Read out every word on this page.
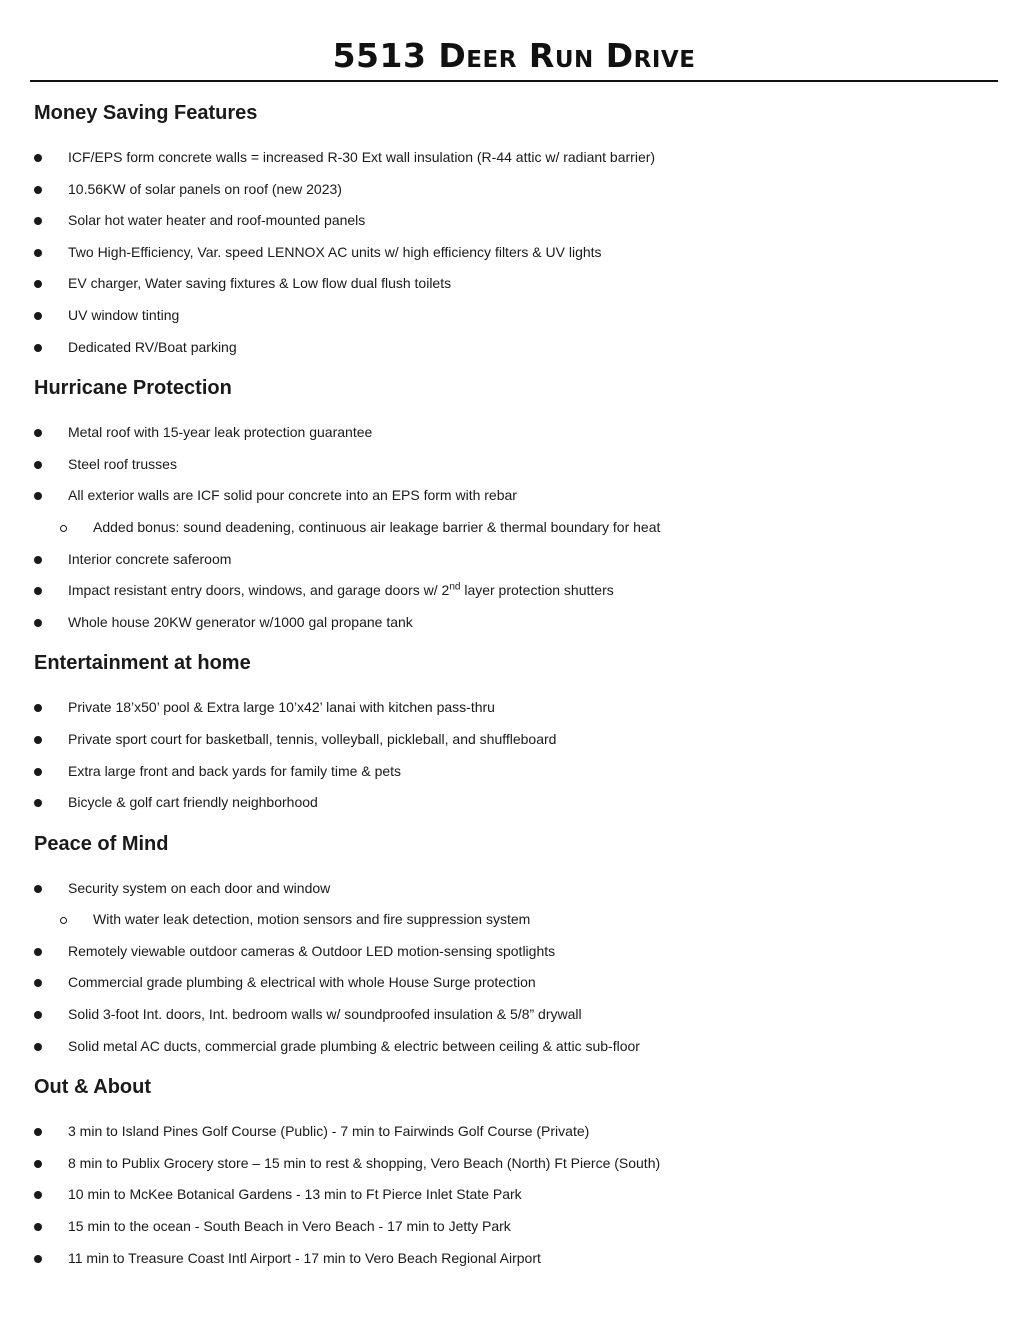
5513 Deer Run Drive
Money Saving Features
ICF/EPS form concrete walls = increased R-30 Ext wall insulation (R-44 attic w/ radiant barrier)
10.56KW of solar panels on roof (new 2023)
Solar hot water heater and roof-mounted panels
Two High-Efficiency, Var. speed LENNOX AC units w/ high efficiency filters & UV lights
EV charger, Water saving fixtures & Low flow dual flush toilets
UV window tinting
Dedicated RV/Boat parking
Hurricane Protection
Metal roof with 15-year leak protection guarantee
Steel roof trusses
All exterior walls are ICF solid pour concrete into an EPS form with rebar
Added bonus: sound deadening, continuous air leakage barrier & thermal boundary for heat
Interior concrete saferoom
Impact resistant entry doors, windows, and garage doors w/ 2nd layer protection shutters
Whole house 20KW generator w/1000 gal propane tank
Entertainment at home
Private 18’x50’ pool & Extra large 10’x42’ lanai with kitchen pass-thru
Private sport court for basketball, tennis, volleyball, pickleball, and shuffleboard
Extra large front and back yards for family time & pets
Bicycle & golf cart friendly neighborhood
Peace of Mind
Security system on each door and window
With water leak detection, motion sensors and fire suppression system
Remotely viewable outdoor cameras & Outdoor LED motion-sensing spotlights
Commercial grade plumbing & electrical with whole House Surge protection
Solid 3-foot Int. doors, Int. bedroom walls w/ soundproofed insulation & 5/8” drywall
Solid metal AC ducts, commercial grade plumbing & electric between ceiling & attic sub-floor
Out & About
3 min to Island Pines Golf Course (Public) - 7 min to Fairwinds Golf Course (Private)
8 min to Publix Grocery store – 15 min to rest & shopping, Vero Beach (North) Ft Pierce (South)
10 min to McKee Botanical Gardens - 13 min to Ft Pierce Inlet State Park
15 min to the ocean - South Beach in Vero Beach - 17 min to Jetty Park
11 min to Treasure Coast Intl Airport - 17 min to Vero Beach Regional Airport
